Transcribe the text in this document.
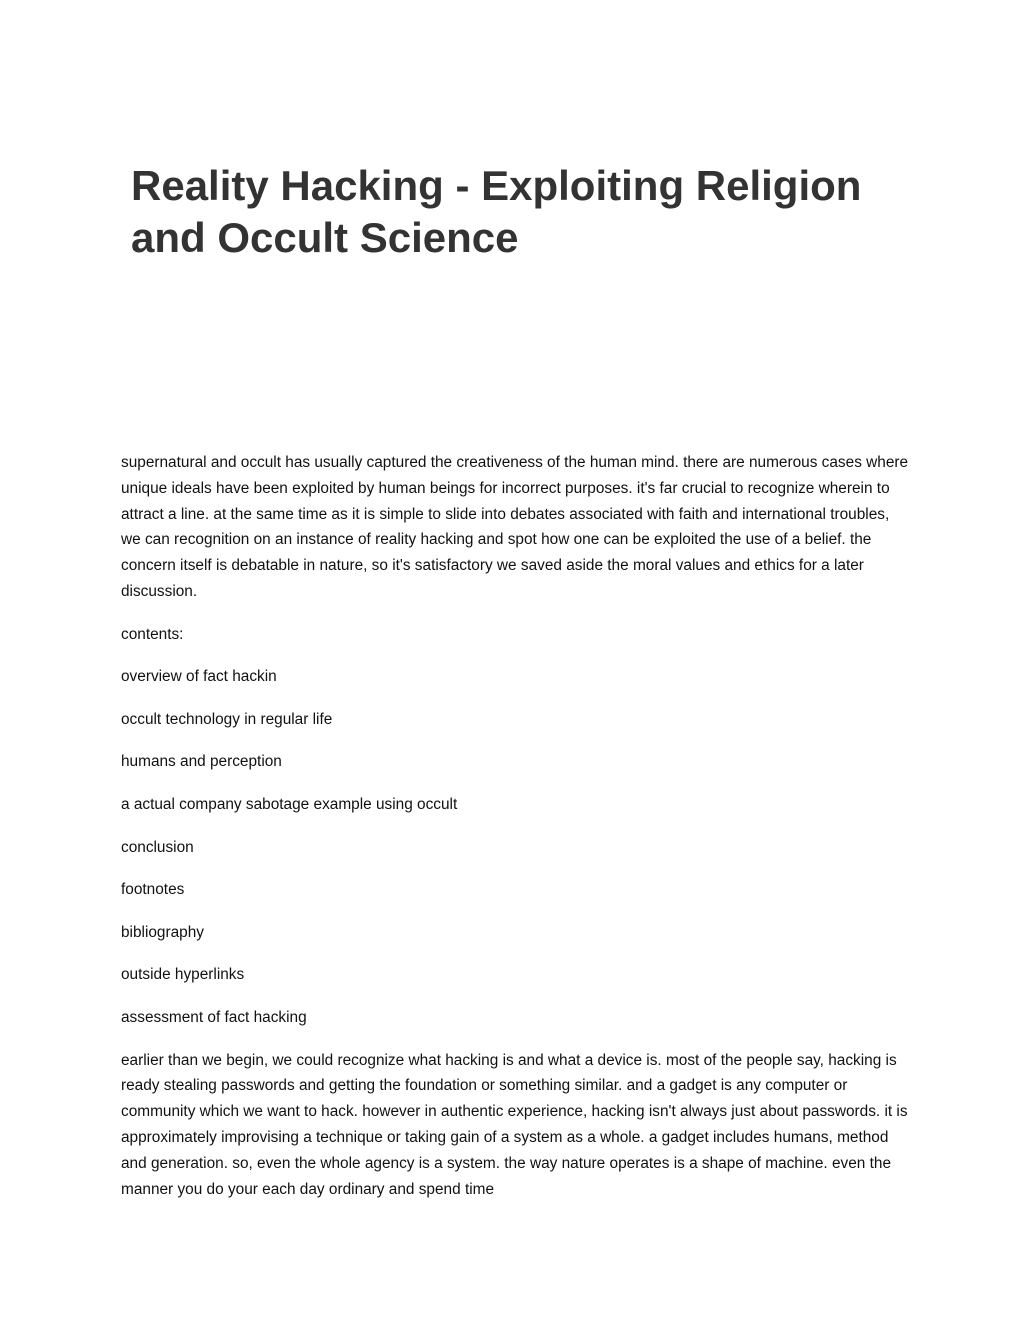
Reality Hacking - Exploiting Religion and Occult Science

supernatural and occult has usually captured the creativeness of the human mind. there are numerous cases where unique ideals have been exploited by human beings for incorrect purposes. it's far crucial to recognize wherein to attract a line. at the same time as it is simple to slide into debates associated with faith and international troubles, we can recognition on an instance of reality hacking and spot how one can be exploited the use of a belief. the concern itself is debatable in nature, so it's satisfactory we saved aside the moral values and ethics for a later discussion.

contents:

overview of fact hackin
occult technology in regular life
humans and perception
a actual company sabotage example using occult
conclusion
footnotes
bibliography
outside hyperlinks
assessment of fact hacking

earlier than we begin, we could recognize what hacking is and what a device is. most of the people say, hacking is ready stealing passwords and getting the foundation or something similar. and a gadget is any computer or community which we want to hack. however in authentic experience, hacking isn't always just about passwords. it is approximately improvising a technique or taking gain of a system as a whole. a gadget includes humans, method and generation. so, even the whole agency is a system. the way nature operates is a shape of machine. even the manner you do your each day ordinary and spend time
